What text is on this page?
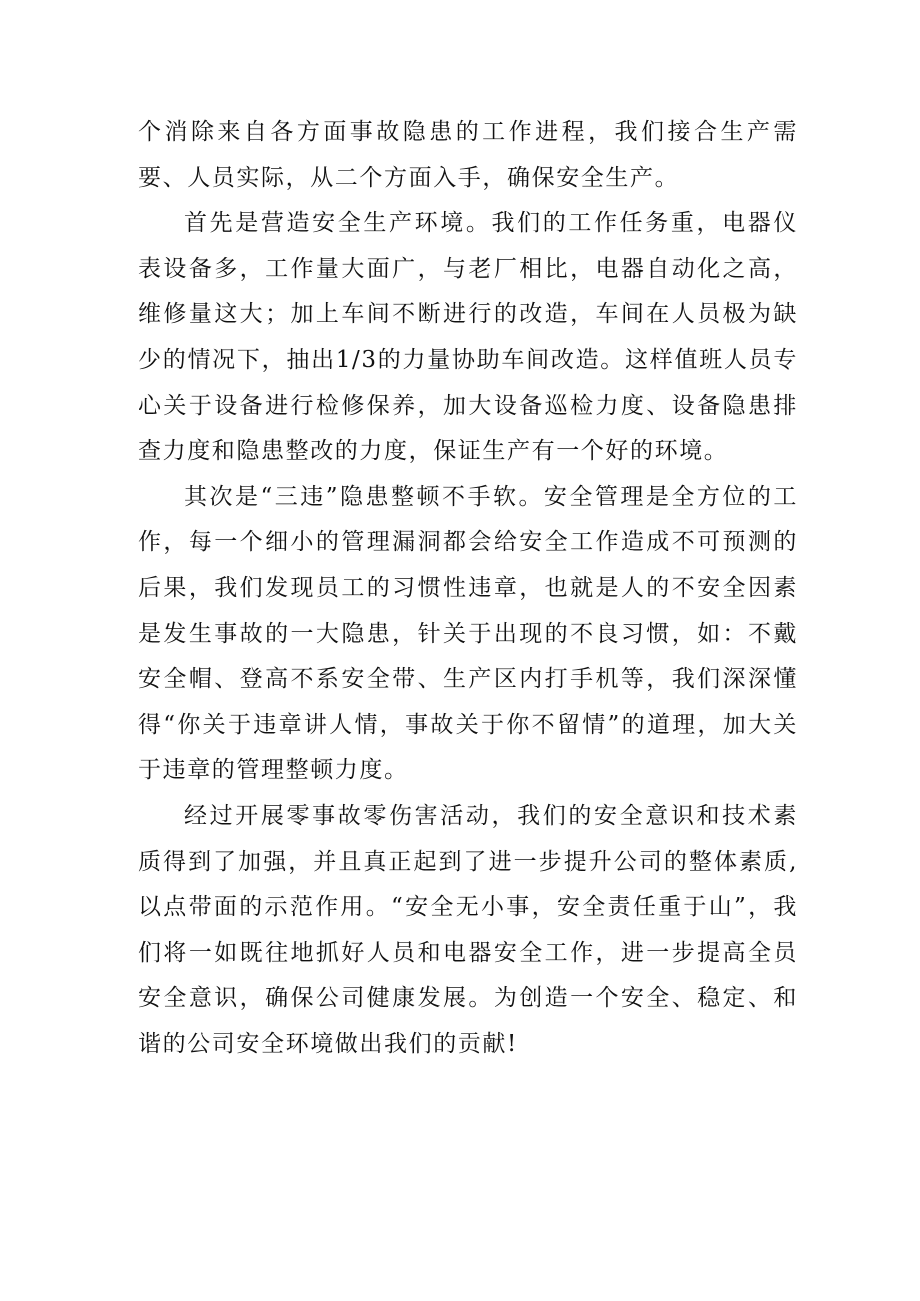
个消除来自各方面事故隐患的工作进程，我们接合生产需要、人员实际，从二个方面入手，确保安全生产。

首先是营造安全生产环境。我们的工作任务重，电器仪表设备多，工作量大面广，与老厂相比，电器自动化之高，维修量这大；加上车间不断进行的改造，车间在人员极为缺少的情况下，抽出1/3的力量协助车间改造。这样值班人员专心关于设备进行检修保养，加大设备巡检力度、设备隐患排查力度和隐患整改的力度，保证生产有一个好的环境。

其次是“三违”隐患整顿不手软。安全管理是全方位的工作，每一个细小的管理漏洞都会给安全工作造成不可预测的后果，我们发现员工的习惯性违章，也就是人的不安全因素是发生事故的一大隐患，针关于出现的不良习惯，如：不戴安全帽、登高不系安全带、生产区内打手机等，我们深深懂得“你关于违章讲人情，事故关于你不留情”的道理，加大关于违章的管理整顿力度。

经过开展零事故零伤害活动，我们的安全意识和技术素质得到了加强，并且真正起到了进一步提升公司的整体素质,以点带面的示范作用。“安全无小事，安全责任重于山”，我们将一如既往地抓好人员和电器安全工作，进一步提高全员安全意识，确保公司健康发展。为创造一个安全、稳定、和谐的公司安全环境做出我们的贡献!
